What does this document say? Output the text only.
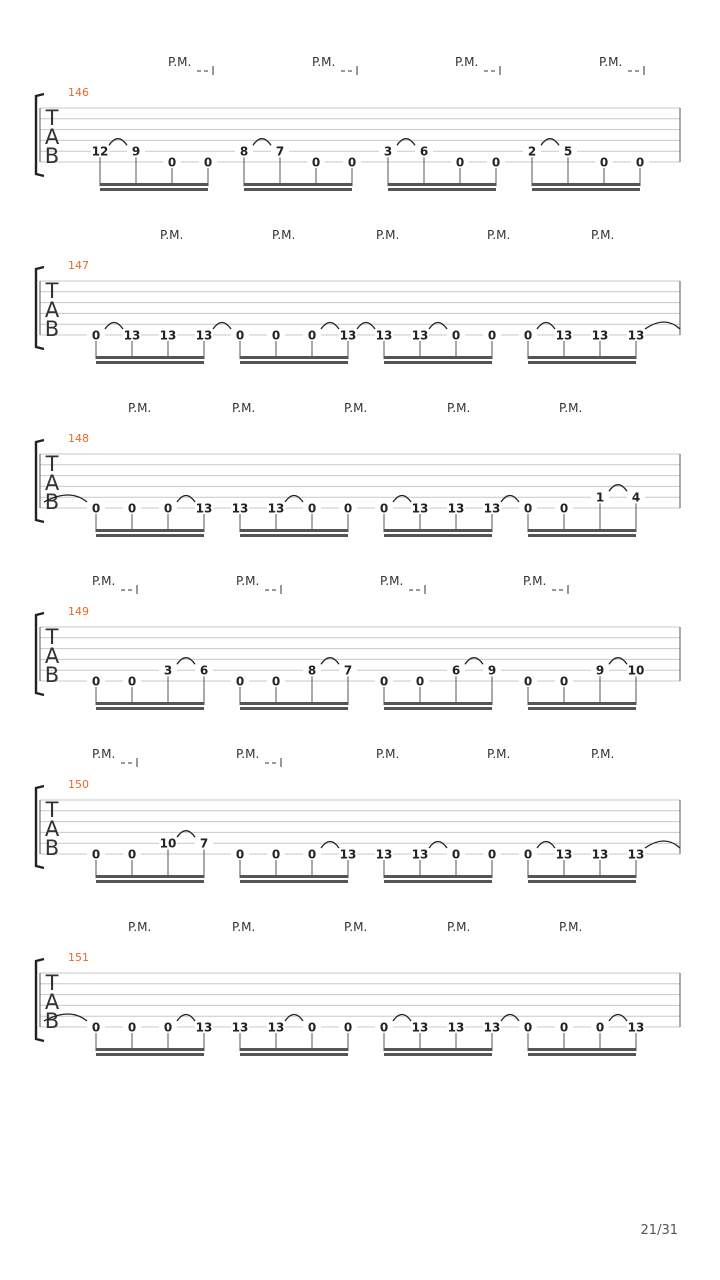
T
A
B
146
P.M.	P.M.	P.M.	P.M.
12 9
0 0
8 7
0 0
3 6
0 0
2 5
0 0
T
A
B
147
P.M.	P.M.	P.M.	P.M.	P.M.
0 13 13 13 0 0 0 13 13 13 0 0 0 13 13 13
T
A
B
148
P.M.	P.M.	P.M.	P.M.	P.M.
0 0 0 13 13 13 0 0 0 13 13 13 0 0
1 4
T
A
B
149
P.M.	P.M.	P.M.	P.M.
0 0
3 6
0 0
8 7
0 0
6 9
0 0
9 10
T
A
B
150
P.M.	P.M.	P.M.	P.M.	P.M.
0 0
10 7
0 0 0 13 13 13 0 0 0 13 13 13
T
A
B
151
P.M.	P.M.	P.M.	P.M.	P.M.
0 0 0 13 13 13 0 0 0 13 13 13 0 0 0 13
21/31
